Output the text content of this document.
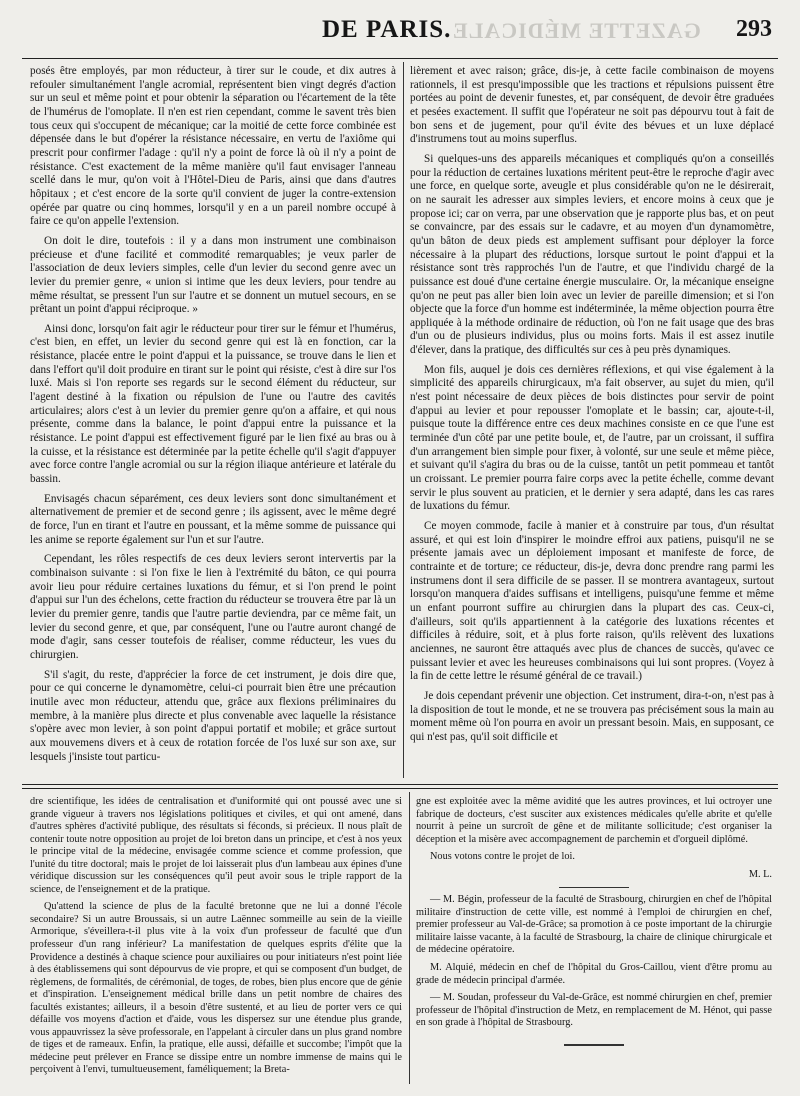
GAZETTE MÉDICALE
DE PARIS.	293

posés être employés, par mon réducteur, à tirer sur le coude, et dix autres à refouler simultanément l'angle acromial, représentent bien vingt degrés d'action sur un seul et même point et pour obtenir la séparation ou l'écartement de la tête de l'humérus de l'omoplate. Il n'en est rien cependant, comme le savent très bien tous ceux qui s'occupent de mécanique; car la moitié de cette force combinée est dépensée dans le but d'opérer la résistance nécessaire, en vertu de l'axiôme qui prescrit pour confirmer l'adage : qu'il n'y a point de force là où il n'y a point de résistance. C'est exactement de la même manière qu'il faut envisager l'anneau scellé dans le mur, qu'on voit à l'Hôtel-Dieu de Paris, ainsi que dans d'autres hôpitaux ; et c'est encore de la sorte qu'il convient de juger la contre-extension opérée par quatre ou cinq hommes, lorsqu'il y en a un pareil nombre occupé à faire ce qu'on appelle l'extension.

On doit le dire, toutefois : il y a dans mon instrument une combinaison précieuse et d'une facilité et commodité remarquables; je veux parler de l'association de deux leviers simples, celle d'un levier du second genre avec un levier du premier genre, « union si intime que les deux leviers, pour tendre au même résultat, se pressent l'un sur l'autre et se donnent un mutuel secours, en se prêtant un point d'appui réciproque. »

Ainsi donc, lorsqu'on fait agir le réducteur pour tirer sur le fémur et l'humérus, c'est bien, en effet, un levier du second genre qui est là en fonction, car la résistance, placée entre le point d'appui et la puissance, se trouve dans le lien et dans l'effort qu'il doit produire en tirant sur le point qui résiste, c'est à dire sur l'os luxé. Mais si l'on reporte ses regards sur le second élément du réducteur, sur l'agent destiné à la fixation ou répulsion de l'une ou l'autre des cavités articulaires; alors c'est à un levier du premier genre qu'on a affaire, et qui nous présente, comme dans la balance, le point d'appui entre la puissance et la résistance. Le point d'appui est effectivement figuré par le lien fixé au bras ou à la cuisse, et la résistance est déterminée par la petite échelle qu'il s'agit d'appuyer avec force contre l'angle acromial ou sur la région iliaque antérieure et latérale du bassin.

Envisagés chacun séparément, ces deux leviers sont donc simultanément et alternativement de premier et de second genre ; ils agissent, avec le même degré de force, l'un en tirant et l'autre en poussant, et la même somme de puissance qui les anime se reporte également sur l'un et sur l'autre.

Cependant, les rôles respectifs de ces deux leviers seront intervertis par la combinaison suivante : si l'on fixe le lien à l'extrémité du bâton, ce qui pourra avoir lieu pour réduire certaines luxations du fémur, et si l'on prend le point d'appui sur l'un des échelons, cette fraction du réducteur se trouvera être par là un levier du premier genre, tandis que l'autre partie deviendra, par ce même fait, un levier du second genre, et que, par conséquent, l'une ou l'autre auront changé de mode d'agir, sans cesser toutefois de réaliser, comme réducteur, les vues du chirurgien.

S'il s'agit, du reste, d'apprécier la force de cet instrument, je dois dire que, pour ce qui concerne le dynamomètre, celui-ci pourrait bien être une précaution inutile avec mon réducteur, attendu que, grâce aux flexions préliminaires du membre, à la manière plus directe et plus convenable avec laquelle la résistance s'opère avec mon levier, à son point d'appui portatif et mobile; et grâce surtout aux mouvemens divers et à ceux de rotation forcée de l'os luxé sur son axe, sur lesquels j'insiste tout particu-

lièrement et avec raison; grâce, dis-je, à cette facile combinaison de moyens rationnels, il est presqu'impossible que les tractions et répulsions puissent être portées au point de devenir funestes, et, par conséquent, de devoir être graduées et pesées exactement. Il suffit que l'opérateur ne soit pas dépourvu tout à fait de bon sens et de jugement, pour qu'il évite des bévues et un luxe déplacé d'instrumens tout au moins superflus.

Si quelques-uns des appareils mécaniques et compliqués qu'on a conseillés pour la réduction de certaines luxations méritent peut-être le reproche d'agir avec une force, en quelque sorte, aveugle et plus considérable qu'on ne le désirerait, on ne saurait les adresser aux simples leviers, et encore moins à ceux que je propose ici; car on verra, par une observation que je rapporte plus bas, et on peut se convaincre, par des essais sur le cadavre, et au moyen d'un dynamomètre, qu'un bâton de deux pieds est amplement suffisant pour déployer la force nécessaire à la plupart des réductions, lorsque surtout le point d'appui et la résistance sont très rapprochés l'un de l'autre, et que l'individu chargé de la puissance est doué d'une certaine énergie musculaire. Or, la mécanique enseigne qu'on ne peut pas aller bien loin avec un levier de pareille dimension; et si l'on objecte que la force d'un homme est indéterminée, la même objection pourra être appliquée à la méthode ordinaire de réduction, où l'on ne fait usage que des bras d'un ou de plusieurs individus, plus ou moins forts. Mais il est assez inutile d'élever, dans la pratique, des difficultés sur ces à peu près dynamiques.

Mon fils, auquel je dois ces dernières réflexions, et qui vise également à la simplicité des appareils chirurgicaux, m'a fait observer, au sujet du mien, qu'il n'est point nécessaire de deux pièces de bois distinctes pour servir de point d'appui au levier et pour repousser l'omoplate et le bassin; car, ajoute-t-il, puisque toute la différence entre ces deux machines consiste en ce que l'une est terminée d'un côté par une petite boule, et, de l'autre, par un croissant, il suffira d'un arrangement bien simple pour fixer, à volonté, sur une seule et même pièce, et suivant qu'il s'agira du bras ou de la cuisse, tantôt un petit pommeau et tantôt un croissant. Le premier pourra faire corps avec la petite échelle, comme devant servir le plus souvent au praticien, et le dernier y sera adapté, dans les cas rares de luxations du fémur.

Ce moyen commode, facile à manier et à construire par tous, d'un résultat assuré, et qui est loin d'inspirer le moindre effroi aux patiens, puisqu'il ne se présente jamais avec un déploiement imposant et manifeste de force, de contrainte et de torture; ce réducteur, dis-je, devra donc prendre rang parmi les instrumens dont il sera difficile de se passer. Il se montrera avantageux, surtout lorsqu'on manquera d'aides suffisans et intelligens, puisqu'une femme et même un enfant pourront suffire au chirurgien dans la plupart des cas. Ceux-ci, d'ailleurs, soit qu'ils appartiennent à la catégorie des luxations récentes et difficiles à réduire, soit, et à plus forte raison, qu'ils relèvent des luxations anciennes, ne sauront être attaqués avec plus de chances de succès, qu'avec ce puissant levier et avec les heureuses combinaisons qui lui sont propres. (Voyez à la fin de cette lettre le résumé général de ce travail.)

Je dois cependant prévenir une objection. Cet instrument, dira-t-on, n'est pas à la disposition de tout le monde, et ne se trouvera pas précisément sous la main au moment même où l'on pourra en avoir un pressant besoin. Mais, en supposant, ce qui n'est pas, qu'il soit difficile et

dre scientifique, les idées de centralisation et d'uniformité qui ont poussé avec une si grande vigueur à travers nos législations politiques et civiles, et qui ont amené, dans d'autres sphères d'activité publique, des résultats si féconds, si précieux. Il nous plaît de contenir toute notre opposition au projet de loi breton dans un principe, et c'est à nos yeux le principe vital de la médecine, envisagée comme science et comme profession, que l'unité du titre doctoral; mais le projet de loi laisserait plus d'un lambeau aux épines d'une véridique discussion sur les conséquences qu'il peut avoir sous le triple rapport de la science, de l'enseignement et de la pratique.

Qu'attend la science de plus de la faculté bretonne que ne lui a donné l'école secondaire? Si un autre Broussais, si un autre Laënnec sommeille au sein de la vieille Armorique, s'éveillera-t-il plus vite à la voix d'un professeur de faculté que d'un professeur d'un rang inférieur? La manifestation de quelques esprits d'élite que la Providence a destinés à chaque science pour auxiliaires ou pour initiateurs n'est point liée à des établissemens qui sont dépourvus de vie propre, et qui se composent d'un budget, de règlemens, de formalités, de cérémonial, de toges, de robes, bien plus encore que de génie et d'inspiration. L'enseignement médical brille dans un petit nombre de chaires des facultés existantes; ailleurs, il a besoin d'être sustenté, et au lieu de porter vers ce qui défaille vos moyens d'action et d'aide, vous les dispersez sur une étendue plus grande, vous appauvrissez la sève professorale, en l'appelant à circuler dans un plus grand nombre de tiges et de rameaux. Enfin, la pratique, elle aussi, défaille et succombe; l'impôt que la médecine peut prélever en France se dissipe entre un nombre immense de mains qui le perçoivent à l'envi, tumultueusement, faméliquement; la Breta-

gne est exploitée avec la même avidité que les autres provinces, et lui octroyer une fabrique de docteurs, c'est susciter aux existences médicales qu'elle abrite et qu'elle nourrit à peine un surcroît de gêne et de militante sollicitude; c'est organiser la déception et la misère avec accompagnement de parchemin et d'orgueil diplômé.

Nous votons contre le projet de loi.

M. L.

— M. Bégin, professeur de la faculté de Strasbourg, chirurgien en chef de l'hôpital militaire d'instruction de cette ville, est nommé à l'emploi de chirurgien en chef, premier professeur au Val-de-Grâce; sa promotion à ce poste important de la chirurgie militaire laisse vacante, à la faculté de Strasbourg, la chaire de clinique chirurgicale et de médecine opératoire.

M. Alquié, médecin en chef de l'hôpital du Gros-Caillou, vient d'être promu au grade de médecin principal d'armée.

— M. Soudan, professeur du Val-de-Grâce, est nommé chirurgien en chef, premier professeur de l'hôpital d'instruction de Metz, en remplacement de M. Hénot, qui passe en son grade à l'hôpital de Strasbourg.
